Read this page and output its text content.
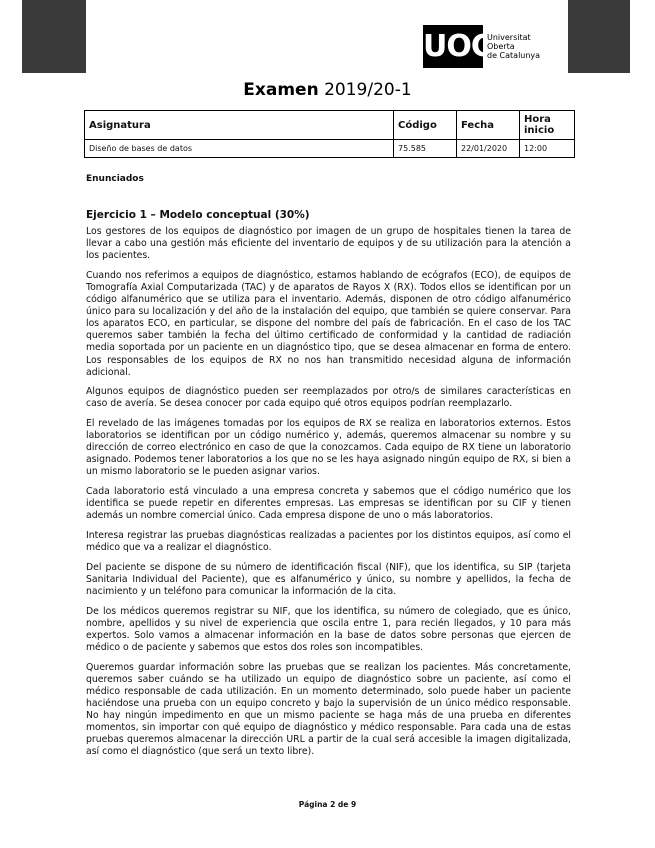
UOC
Universitat
Oberta
de Catalunya
Examen 2019/20-1
Asignatura	Código	Fecha	Hora inicio
Diseño de bases de datos	75.585	22/01/2020	12:00
Enunciados
Ejercicio 1 – Modelo conceptual (30%)

Los gestores de los equipos de diagnóstico por imagen de un grupo de hospitales tienen la tarea de llevar a cabo una gestión más eficiente del inventario de equipos y de su utilización para la atención a los pacientes.

Cuando nos referimos a equipos de diagnóstico, estamos hablando de ecógrafos (ECO), de equipos de Tomografía Axial Computarizada (TAC) y de aparatos de Rayos X (RX). Todos ellos se identifican por un código alfanumérico que se utiliza para el inventario. Además, disponen de otro código alfanumérico único para su localización y del año de la instalación del equipo, que también se quiere conservar. Para los aparatos ECO, en particular, se dispone del nombre del país de fabricación. En el caso de los TAC queremos saber también la fecha del último certificado de conformidad y la cantidad de radiación media soportada por un paciente en un diagnóstico tipo, que se desea almacenar en forma de entero. Los responsables de los equipos de RX no nos han transmitido necesidad alguna de información adicional.

Algunos equipos de diagnóstico pueden ser reemplazados por otro/s de similares características en caso de avería. Se desea conocer por cada equipo qué otros equipos podrían reemplazarlo.

El revelado de las imágenes tomadas por los equipos de RX se realiza en laboratorios externos. Estos laboratorios se identifican por un código numérico y, además, queremos almacenar su nombre y su dirección de correo electrónico en caso de que la conozcamos. Cada equipo de RX tiene un laboratorio asignado. Podemos tener laboratorios a los que no se les haya asignado ningún equipo de RX, si bien a un mismo laboratorio se le pueden asignar varios.

Cada laboratorio está vinculado a una empresa concreta y sabemos que el código numérico que los identifica se puede repetir en diferentes empresas. Las empresas se identifican por su CIF y tienen además un nombre comercial único. Cada empresa dispone de uno o más laboratorios.

Interesa registrar las pruebas diagnósticas realizadas a pacientes por los distintos equipos, así como el médico que va a realizar el diagnóstico.

Del paciente se dispone de su número de identificación fiscal (NIF), que los identifica, su SIP (tarjeta Sanitaria Individual del Paciente), que es alfanumérico y único, su nombre y apellidos, la fecha de nacimiento y un teléfono para comunicar la información de la cita.

De los médicos queremos registrar su NIF, que los identifica, su número de colegiado, que es único, nombre, apellidos y su nivel de experiencia que oscila entre 1, para recién llegados, y 10 para más expertos. Solo vamos a almacenar información en la base de datos sobre personas que ejercen de médico o de paciente y sabemos que estos dos roles son incompatibles.

Queremos guardar información sobre las pruebas que se realizan los pacientes. Más concretamente, queremos saber cuándo se ha utilizado un equipo de diagnóstico sobre un paciente, así como el médico responsable de cada utilización. En un momento determinado, solo puede haber un paciente haciéndose una prueba con un equipo concreto y bajo la supervisión de un único médico responsable. No hay ningún impedimento en que un mismo paciente se haga más de una prueba en diferentes momentos, sin importar con qué equipo de diagnóstico y médico responsable. Para cada una de estas pruebas queremos almacenar la dirección URL a partir de la cual será accesible la imagen digitalizada, así como el diagnóstico (que será un texto libre).

Página 2 de 9
